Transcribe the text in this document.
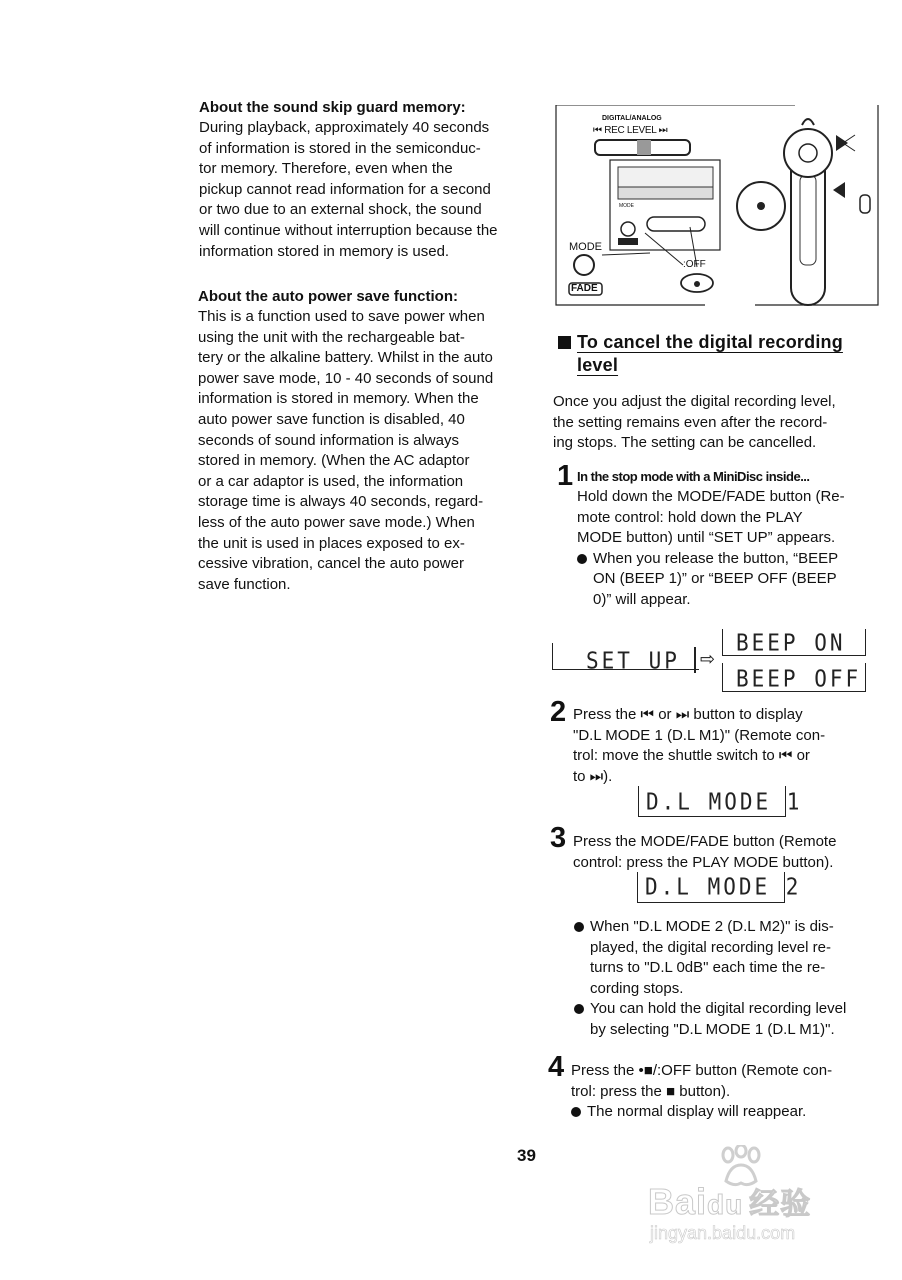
About the sound skip guard memory:
During playback, approximately 40 seconds
of information is stored in the semiconduc-
tor memory. Therefore, even when the
pickup cannot read information for a second
or two due to an external shock, the sound
will continue without interruption because the
information stored in memory is used.
About the auto power save function:
This is a function used to save power when
using the unit with the rechargeable bat-
tery or the alkaline battery. Whilst in the auto
power save mode, 10 - 40 seconds of sound
information is stored in memory. When the
auto power save function is disabled, 40
seconds of sound information is always
stored in memory. (When the AC adaptor
or a car adaptor is used, the information
storage time is always 40 seconds, regard-
less of the auto power save mode.) When
the unit is used in places exposed to ex-
cessive vibration, cancel the auto power
save function.
DIGITAL/ANALOG
⏮ REC LEVEL ⏭
MODE
MODE
FADE
:OFF
To cancel the digital recording
level
Once you adjust the digital recording level,
the setting remains even after the record-
ing stops. The setting can be cancelled.
1 In the stop mode with a MiniDisc inside...
Hold down the MODE/FADE button (Re-
mote control: hold down the PLAY
MODE button) until “SET UP” appears.
When you release the button, “BEEP
ON (BEEP 1)” or “BEEP OFF (BEEP
0)” will appear.
SET UP ⇨
BEEP ON
BEEP OFF
2 Press the ⏮ or ⏭ button to display
"D.L MODE 1 (D.L M1)" (Remote con-
trol: move the shuttle switch to ⏮ or
to ⏭).
D.L MODE 1
3 Press the MODE/FADE button (Remote
control: press the PLAY MODE button).
D.L MODE 2
When "D.L MODE 2 (D.L M2)" is dis-
played, the digital recording level re-
turns to "D.L 0dB" each time the re-
cording stops.
You can hold the digital recording level
by selecting "D.L MODE 1 (D.L M1)".
4 Press the •■/:OFF button (Remote con-
trol: press the ■ button).
The normal display will reappear.
39
Baidu 经验
jingyan.baidu.com
